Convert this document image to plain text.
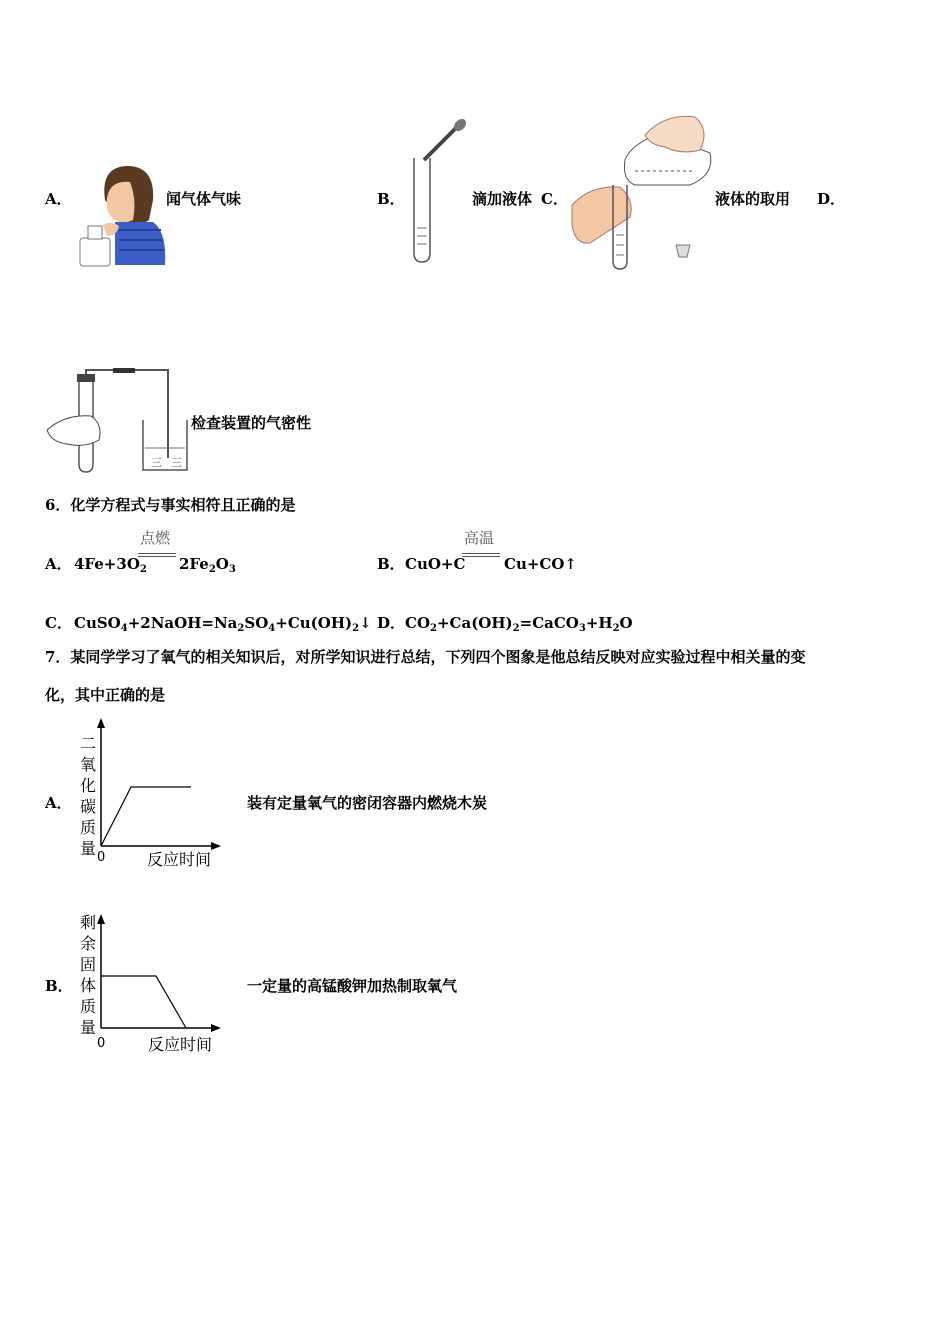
A．	闻气体气味	B．	滴加液体 C．	液体的取用 D．
三 三
检查装置的气密性
6．化学方程式与事实相符且正确的是
A． $4Fe+3O_2$
点燃
$2Fe_2O_3$	B． CuO+C
高温
Cu+CO↑
C． $CuSO_4+2NaOH=Na_2SO_4+Cu(OH)_2↓$ D． $CO_2+Ca(OH)_2=CaCO_3+H_2O$
7．某同学学习了氧气的相关知识后，对所学知识进行总结，下列四个图象是他总结反映对应实验过程中相关量的变
化，其中正确的是
A．
二氧化碳质量 0	反应时间
装有定量氧气的密闭容器内燃烧木炭
B．
剩余固体质量
0	反应时间
一定量的高锰酸钾加热制取氧气
